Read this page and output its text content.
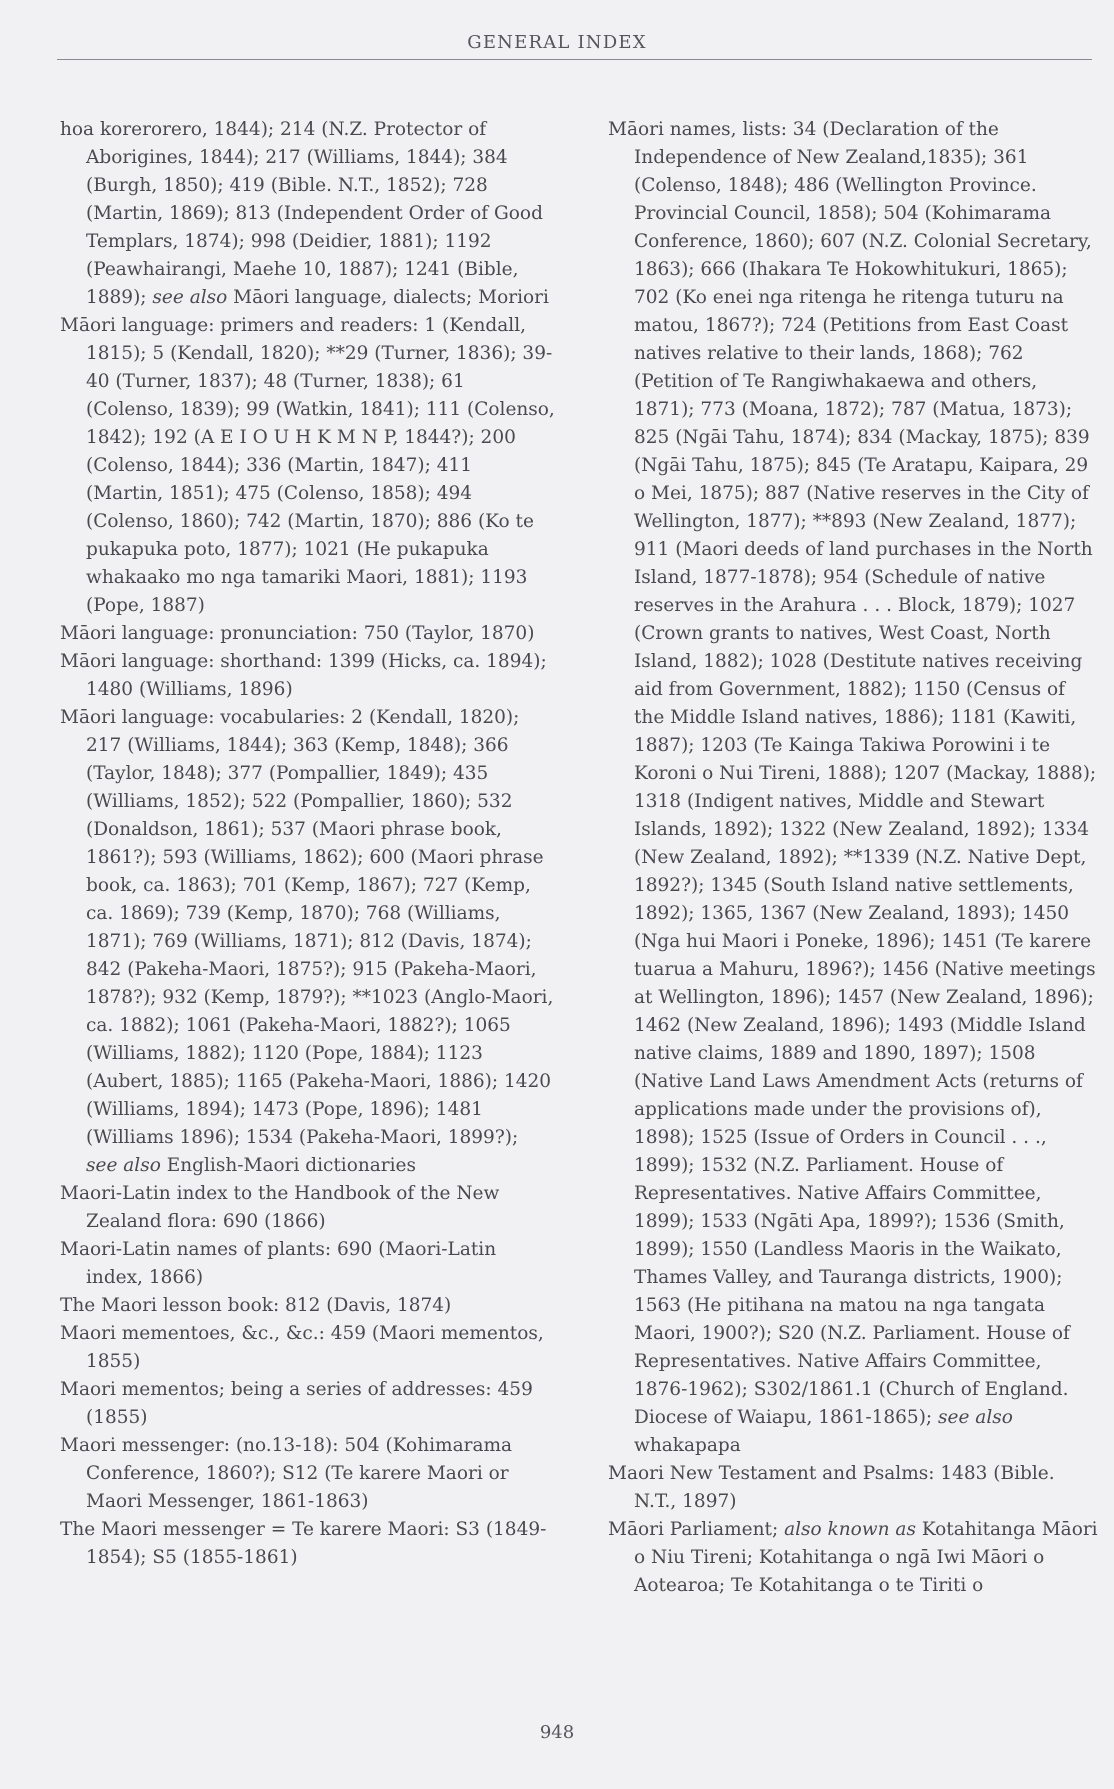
GENERAL INDEX

hoa korerorero, 1844); 214 (N.Z. Protector of Aborigines, 1844); 217 (Williams, 1844); 384 (Burgh, 1850); 419 (Bible. N.T., 1852); 728 (Martin, 1869); 813 (Independent Order of Good Templars, 1874); 998 (Deidier, 1881); 1192 (Peawhairangi, Maehe 10, 1887); 1241 (Bible, 1889); see also Māori language, dialects; Moriori

Māori language: primers and readers: 1 (Kendall, 1815); 5 (Kendall, 1820); **29 (Turner, 1836); 39-40 (Turner, 1837); 48 (Turner, 1838); 61 (Colenso, 1839); 99 (Watkin, 1841); 111 (Colenso, 1842); 192 (A E I O U H K M N P, 1844?); 200 (Colenso, 1844); 336 (Martin, 1847); 411 (Martin, 1851); 475 (Colenso, 1858); 494 (Colenso, 1860); 742 (Martin, 1870); 886 (Ko te pukapuka poto, 1877); 1021 (He pukapuka whakaako mo nga tamariki Maori, 1881); 1193 (Pope, 1887)

Māori language: pronunciation: 750 (Taylor, 1870)

Māori language: shorthand: 1399 (Hicks, ca. 1894); 1480 (Williams, 1896)

Māori language: vocabularies: 2 (Kendall, 1820); 217 (Williams, 1844); 363 (Kemp, 1848); 366 (Taylor, 1848); 377 (Pompallier, 1849); 435 (Williams, 1852); 522 (Pompallier, 1860); 532 (Donaldson, 1861); 537 (Maori phrase book, 1861?); 593 (Williams, 1862); 600 (Maori phrase book, ca. 1863); 701 (Kemp, 1867); 727 (Kemp, ca. 1869); 739 (Kemp, 1870); 768 (Williams, 1871); 769 (Williams, 1871); 812 (Davis, 1874); 842 (Pakeha-Maori, 1875?); 915 (Pakeha-Maori, 1878?); 932 (Kemp, 1879?); **1023 (Anglo-Maori, ca. 1882); 1061 (Pakeha-Maori, 1882?); 1065 (Williams, 1882); 1120 (Pope, 1884); 1123 (Aubert, 1885); 1165 (Pakeha-Maori, 1886); 1420 (Williams, 1894); 1473 (Pope, 1896); 1481 (Williams 1896); 1534 (Pakeha-Maori, 1899?); see also English-Maori dictionaries

Maori-Latin index to the Handbook of the New Zealand flora: 690 (1866)

Maori-Latin names of plants: 690 (Maori-Latin index, 1866)

The Maori lesson book: 812 (Davis, 1874)

Maori mementoes, &c., &c.: 459 (Maori mementos, 1855)

Maori mementos; being a series of addresses: 459 (1855)

Maori messenger: (no.13-18): 504 (Kohimarama Conference, 1860?); S12 (Te karere Maori or Maori Messenger, 1861-1863)

The Maori messenger = Te karere Maori: S3 (1849-1854); S5 (1855-1861)

Māori names, lists: 34 (Declaration of the Independence of New Zealand,1835); 361 (Colenso, 1848); 486 (Wellington Province. Provincial Council, 1858); 504 (Kohimarama Conference, 1860); 607 (N.Z. Colonial Secretary, 1863); 666 (Ihakara Te Hokowhitukuri, 1865); 702 (Ko enei nga ritenga he ritenga tuturu na matou, 1867?); 724 (Petitions from East Coast natives relative to their lands, 1868); 762 (Petition of Te Rangiwhakaewa and others, 1871); 773 (Moana, 1872); 787 (Matua, 1873); 825 (Ngāi Tahu, 1874); 834 (Mackay, 1875); 839 (Ngāi Tahu, 1875); 845 (Te Aratapu, Kaipara, 29 o Mei, 1875); 887 (Native reserves in the City of Wellington, 1877); **893 (New Zealand, 1877); 911 (Maori deeds of land purchases in the North Island, 1877-1878); 954 (Schedule of native reserves in the Arahura . . . Block, 1879); 1027 (Crown grants to natives, West Coast, North Island, 1882); 1028 (Destitute natives receiving aid from Government, 1882); 1150 (Census of the Middle Island natives, 1886); 1181 (Kawiti, 1887); 1203 (Te Kainga Takiwa Porowini i te Koroni o Nui Tireni, 1888); 1207 (Mackay, 1888); 1318 (Indigent natives, Middle and Stewart Islands, 1892); 1322 (New Zealand, 1892); 1334 (New Zealand, 1892); **1339 (N.Z. Native Dept, 1892?); 1345 (South Island native settlements, 1892); 1365, 1367 (New Zealand, 1893); 1450 (Nga hui Maori i Poneke, 1896); 1451 (Te karere tuarua a Mahuru, 1896?); 1456 (Native meetings at Wellington, 1896); 1457 (New Zealand, 1896); 1462 (New Zealand, 1896); 1493 (Middle Island native claims, 1889 and 1890, 1897); 1508 (Native Land Laws Amendment Acts (returns of applications made under the provisions of), 1898); 1525 (Issue of Orders in Council . . ., 1899); 1532 (N.Z. Parliament. House of Representatives. Native Affairs Committee, 1899); 1533 (Ngāti Apa, 1899?); 1536 (Smith, 1899); 1550 (Landless Maoris in the Waikato, Thames Valley, and Tauranga districts, 1900); 1563 (He pitihana na matou na nga tangata Maori, 1900?); S20 (N.Z. Parliament. House of Representatives. Native Affairs Committee, 1876-1962); S302/1861.1 (Church of England. Diocese of Waiapu, 1861-1865); see also whakapapa

Maori New Testament and Psalms: 1483 (Bible. N.T., 1897)

Māori Parliament; also known as Kotahitanga Māori o Niu Tireni; Kotahitanga o ngā Iwi Māori o Aotearoa; Te Kotahitanga o te Tiriti o

948
